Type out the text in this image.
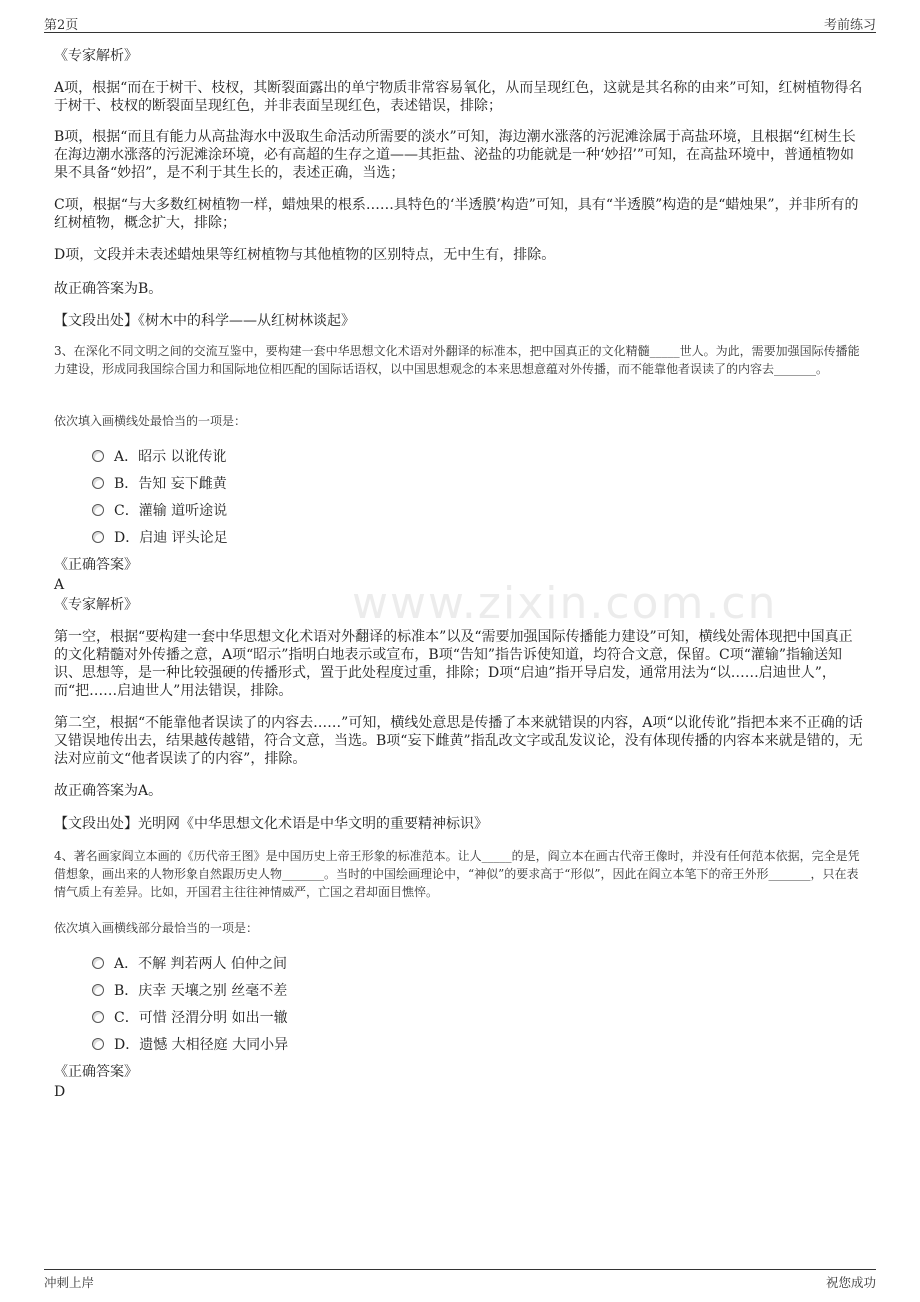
第2页	考前练习
www.zixin.com.cn

《专家解析》

A项，根据“而在于树干、枝杈，其断裂面露出的单宁物质非常容易氧化，从而呈现红色，这就是其名称的由来”可知，红树植物得名于树干、枝杈的断裂面呈现红色，并非表面呈现红色，表述错误，排除；

B项，根据“而且有能力从高盐海水中汲取生命活动所需要的淡水”可知，海边潮水涨落的污泥滩涂属于高盐环境，且根据“红树生长在海边潮水涨落的污泥滩涂环境，必有高超的生存之道——其拒盐、泌盐的功能就是一种‘妙招’”可知，在高盐环境中，普通植物如果不具备“妙招”，是不利于其生长的，表述正确，当选；

C项，根据“与大多数红树植物一样，蜡烛果的根系……具特色的‘半透膜’构造”可知，具有“半透膜”构造的是“蜡烛果”，并非所有的红树植物，概念扩大，排除；

D项，文段并未表述蜡烛果等红树植物与其他植物的区别特点，无中生有，排除。

故正确答案为B。

【文段出处】《树木中的科学——从红树林谈起》

3、在深化不同文明之间的交流互鉴中，要构建一套中华思想文化术语对外翻译的标准本，把中国真正的文化精髓_____世人。为此，需要加强国际传播能力建设，形成同我国综合国力和国际地位相匹配的国际话语权，以中国思想观念的本来思想意蕴对外传播，而不能靠他者误读了的内容去_______。

依次填入画横线处最恰当的一项是：

A．昭示 以讹传讹
B．告知 妄下雌黄
C．灌输 道听途说
D．启迪 评头论足

《正确答案》

A

《专家解析》

第一空，根据“要构建一套中华思想文化术语对外翻译的标准本”以及“需要加强国际传播能力建设”可知，横线处需体现把中国真正的文化精髓对外传播之意，A项“昭示”指明白地表示或宣布，B项“告知”指告诉使知道，均符合文意，保留。C项“灌输”指输送知识、思想等，是一种比较强硬的传播形式，置于此处程度过重，排除；D项“启迪”指开导启发，通常用法为“以……启迪世人”，而“把……启迪世人”用法错误，排除。

第二空，根据“不能靠他者误读了的内容去……”可知，横线处意思是传播了本来就错误的内容，A项“以讹传讹”指把本来不正确的话又错误地传出去，结果越传越错，符合文意，当选。B项“妄下雌黄”指乱改文字或乱发议论，没有体现传播的内容本来就是错的，无法对应前文“他者误读了的内容”，排除。

故正确答案为A。

【文段出处】光明网《中华思想文化术语是中华文明的重要精神标识》

4、著名画家阎立本画的《历代帝王图》是中国历史上帝王形象的标准范本。让人_____的是，阎立本在画古代帝王像时，并没有任何范本依据，完全是凭借想象，画出来的人物形象自然跟历史人物_______。当时的中国绘画理论中，“神似”的要求高于“形似”，因此在阎立本笔下的帝王外形_______，只在表情气质上有差异。比如，开国君主往往神情威严，亡国之君却面目憔悴。

依次填入画横线部分最恰当的一项是：

A．不解 判若两人 伯仲之间
B．庆幸 天壤之别 丝毫不差
C．可惜 泾渭分明 如出一辙
D．遗憾 大相径庭 大同小异

《正确答案》

D

冲刺上岸	祝您成功
